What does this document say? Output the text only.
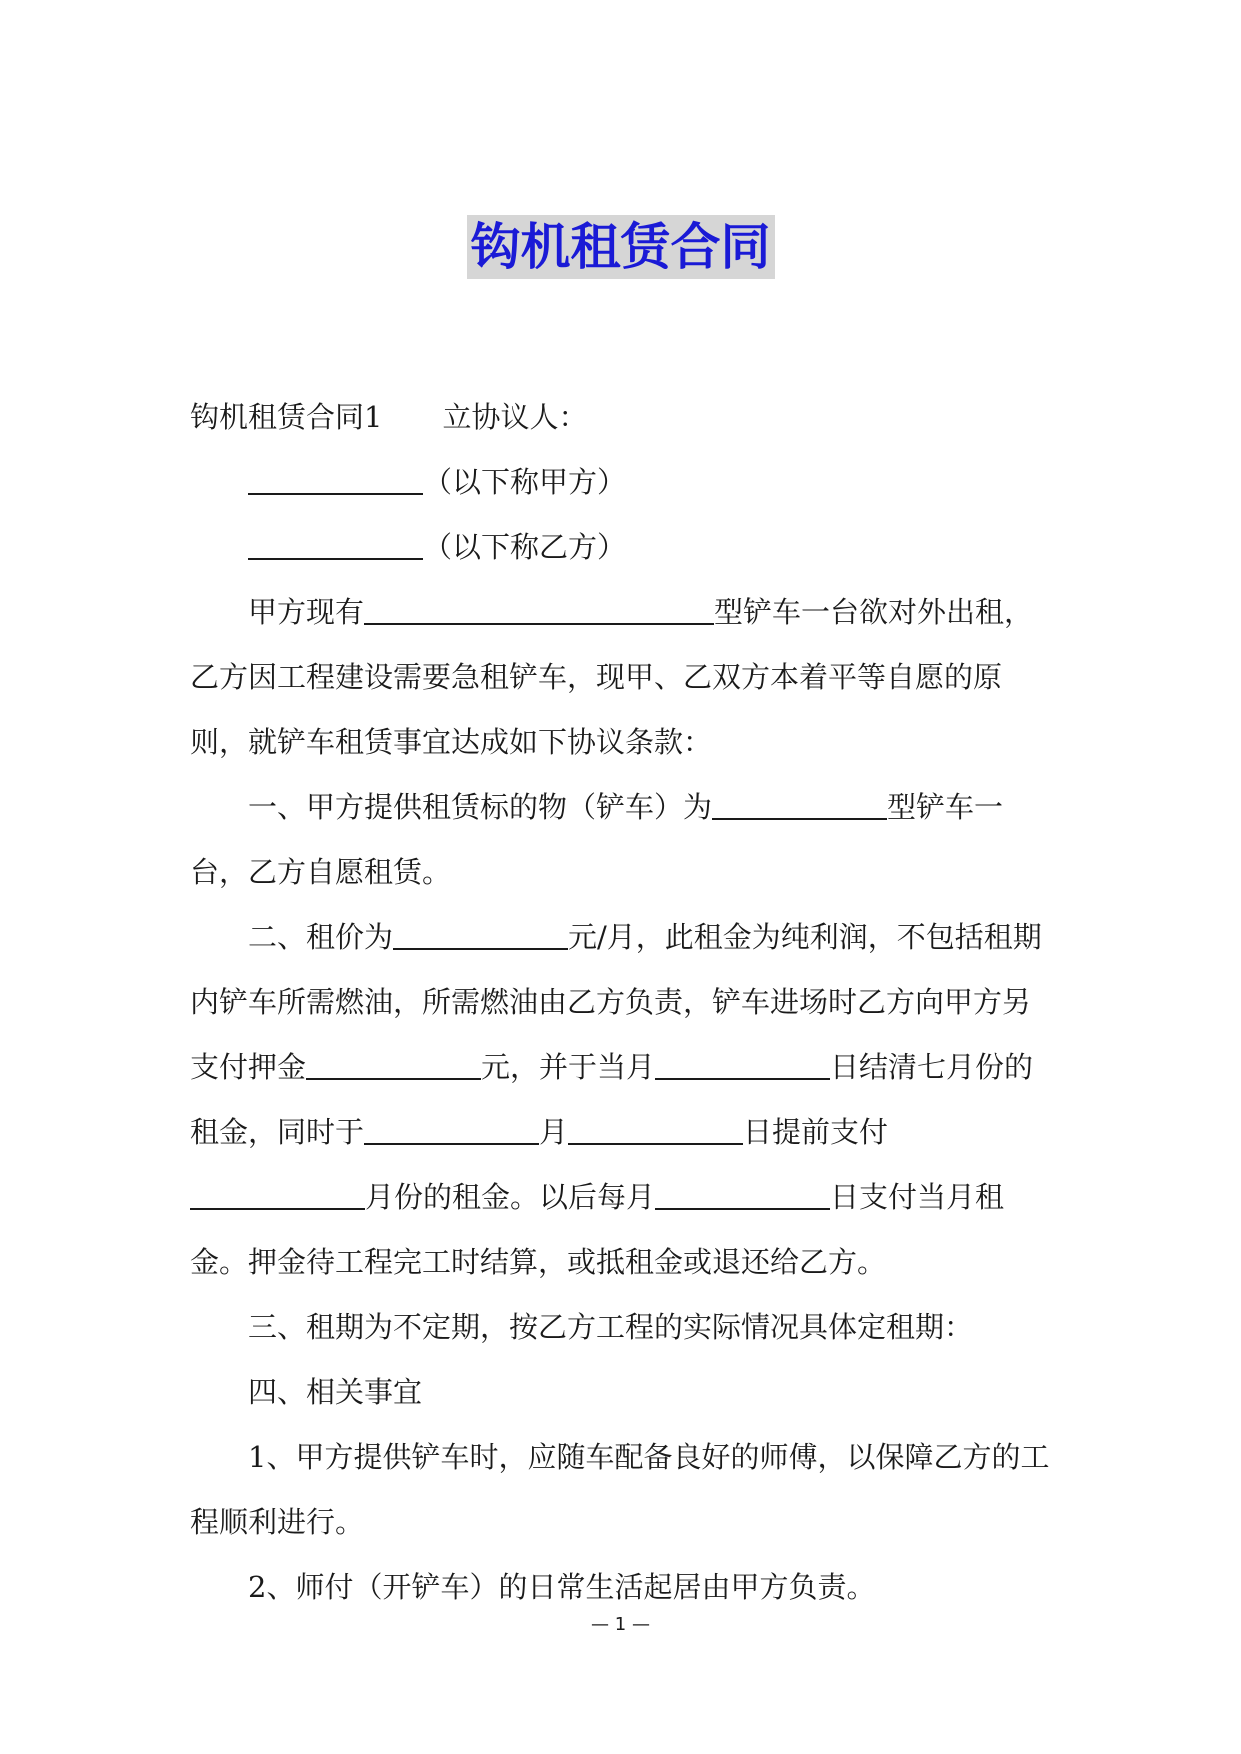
钩机租赁合同

钩机租赁合同1 立协议人：

（以下称甲方）

（以下称乙方）

甲方现有	型铲车一台欲对外出租，乙方因工程建设需要急租铲车，现甲、乙双方本着平等自愿的原则，就铲车租赁事宜达成如下协议条款：

一、甲方提供租赁标的物（铲车）为	型铲车一台，乙方自愿租赁。

二、租价为	元/月，此租金为纯利润，不包括租期内铲车所需燃油，所需燃油由乙方负责，铲车进场时乙方向甲方另支付押金	元，并于当月	日结清七月份的租金，同时于	月	日提前支付月份的租金。以后每月	日支付当月租金。押金待工程完工时结算，或抵租金或退还给乙方。

三、租期为不定期，按乙方工程的实际情况具体定租期：

四、相关事宜

1、甲方提供铲车时，应随车配备良好的师傅，以保障乙方的工程顺利进行。

2、师付（开铲车）的日常生活起居由甲方负责。

— 1 —
